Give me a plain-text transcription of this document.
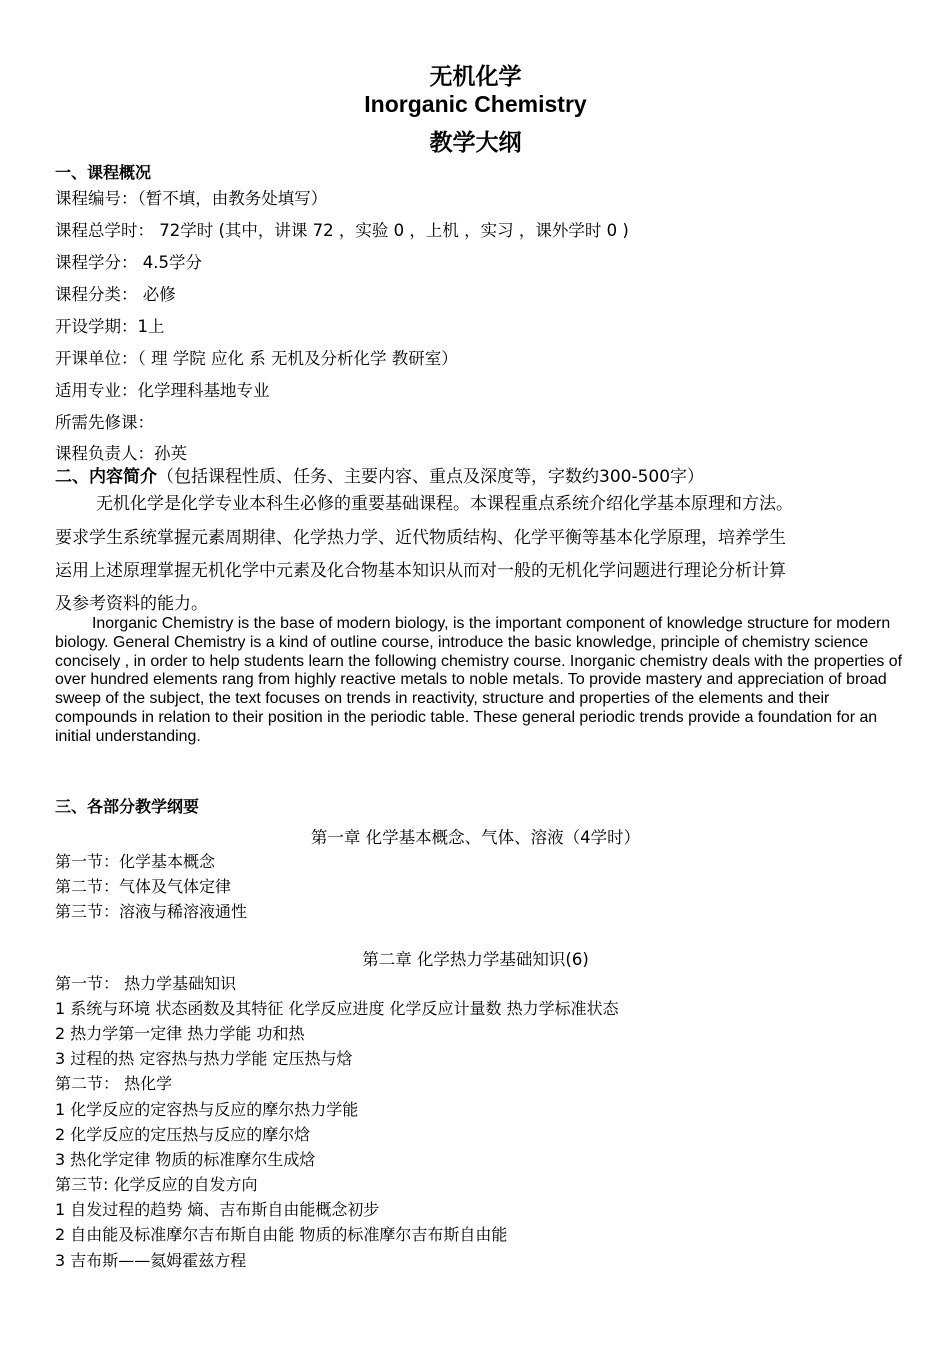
无机化学
Inorganic Chemistry
教学大纲
一、课程概况
课程编号：（暂不填，由教务处填写）
课程总学时： 72学时 (其中，讲课 72 ，实验 0 ，上机 ，实习 ，课外学时 0 )
课程学分： 4.5学分
课程分类： 必修
开设学期：1上
开课单位：（ 理 学院 应化 系 无机及分析化学 教研室）
适用专业：化学理科基地专业
所需先修课：
课程负责人：孙英
二、内容简介（包括课程性质、任务、主要内容、重点及深度等，字数约300-500字）
无机化学是化学专业本科生必修的重要基础课程。本课程重点系统介绍化学基本原理和方法。
要求学生系统掌握元素周期律、化学热力学、近代物质结构、化学平衡等基本化学原理，培养学生
运用上述原理掌握无机化学中元素及化合物基本知识从而对一般的无机化学问题进行理论分析计算
及参考资料的能力。
Inorganic Chemistry is the base of modern biology, is the important component of knowledge structure for modern biology. General Chemistry is a kind of outline course, introduce the basic knowledge, principle of chemistry science concisely , in order to help students learn the following chemistry course. Inorganic chemistry deals with the properties of over hundred elements rang from highly reactive metals to noble metals. To provide mastery and appreciation of broad sweep of the subject, the text focuses on trends in reactivity, structure and properties of the elements and their compounds in relation to their position in the periodic table. These general periodic trends provide a foundation for an initial understanding.
三、各部分教学纲要
第一章 化学基本概念、气体、溶液（4学时）
第一节：化学基本概念
第二节：气体及气体定律
第三节：溶液与稀溶液通性
第二章 化学热力学基础知识(6)
第一节： 热力学基础知识
1 系统与环境 状态函数及其特征 化学反应进度 化学反应计量数 热力学标准状态
2 热力学第一定律 热力学能 功和热
3 过程的热 定容热与热力学能 定压热与焓
第二节： 热化学
1 化学反应的定容热与反应的摩尔热力学能
2 化学反应的定压热与反应的摩尔焓
3 热化学定律 物质的标准摩尔生成焓
第三节: 化学反应的自发方向
1 自发过程的趋势 熵、吉布斯自由能概念初步
2 自由能及标准摩尔吉布斯自由能 物质的标准摩尔吉布斯自由能
3 吉布斯——氦姆霍兹方程
